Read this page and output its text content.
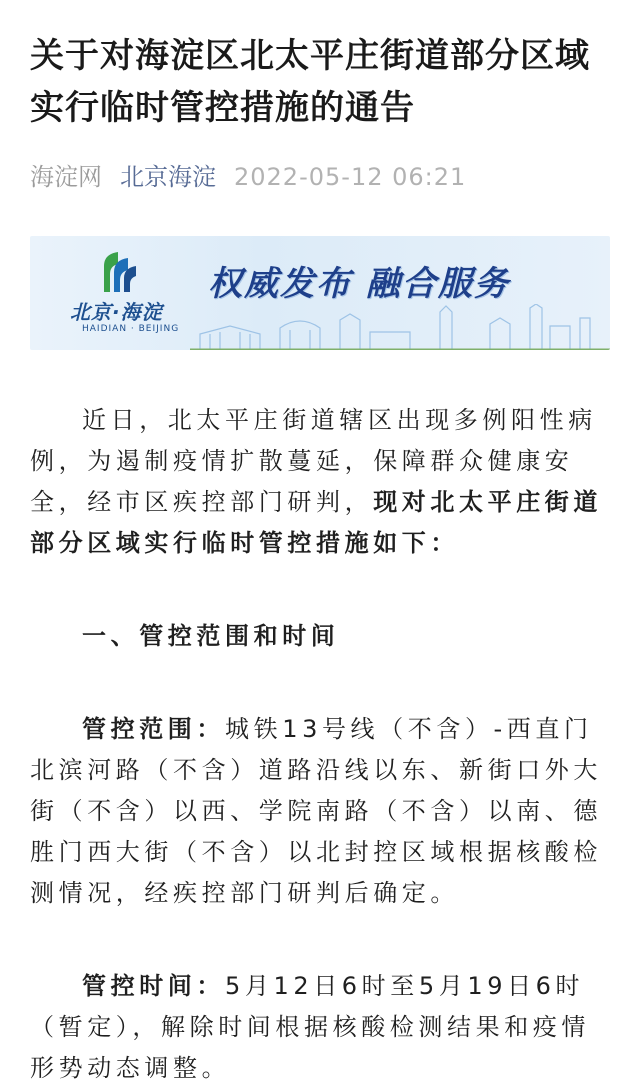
关于对海淀区北太平庄街道部分区域实行临时管控措施的通告
海淀网 北京海淀 2022-05-12 06:21
北京·海淀
HAIDIAN · BEIJING
权威发布 融合服务

近日，北太平庄街道辖区出现多例阳性病例，为遏制疫情扩散蔓延，保障群众健康安全，经市区疾控部门研判，现对北太平庄街道部分区域实行临时管控措施如下：

一、管控范围和时间

管控范围：城铁13号线（不含）-西直门北滨河路（不含）道路沿线以东、新街口外大街（不含）以西、学院南路（不含）以南、德胜门西大街（不含）以北封控区域根据核酸检测情况，经疾控部门研判后确定。

管控时间：5月12日6时至5月19日6时（暂定），解除时间根据核酸检测结果和疫情形势动态调整。
